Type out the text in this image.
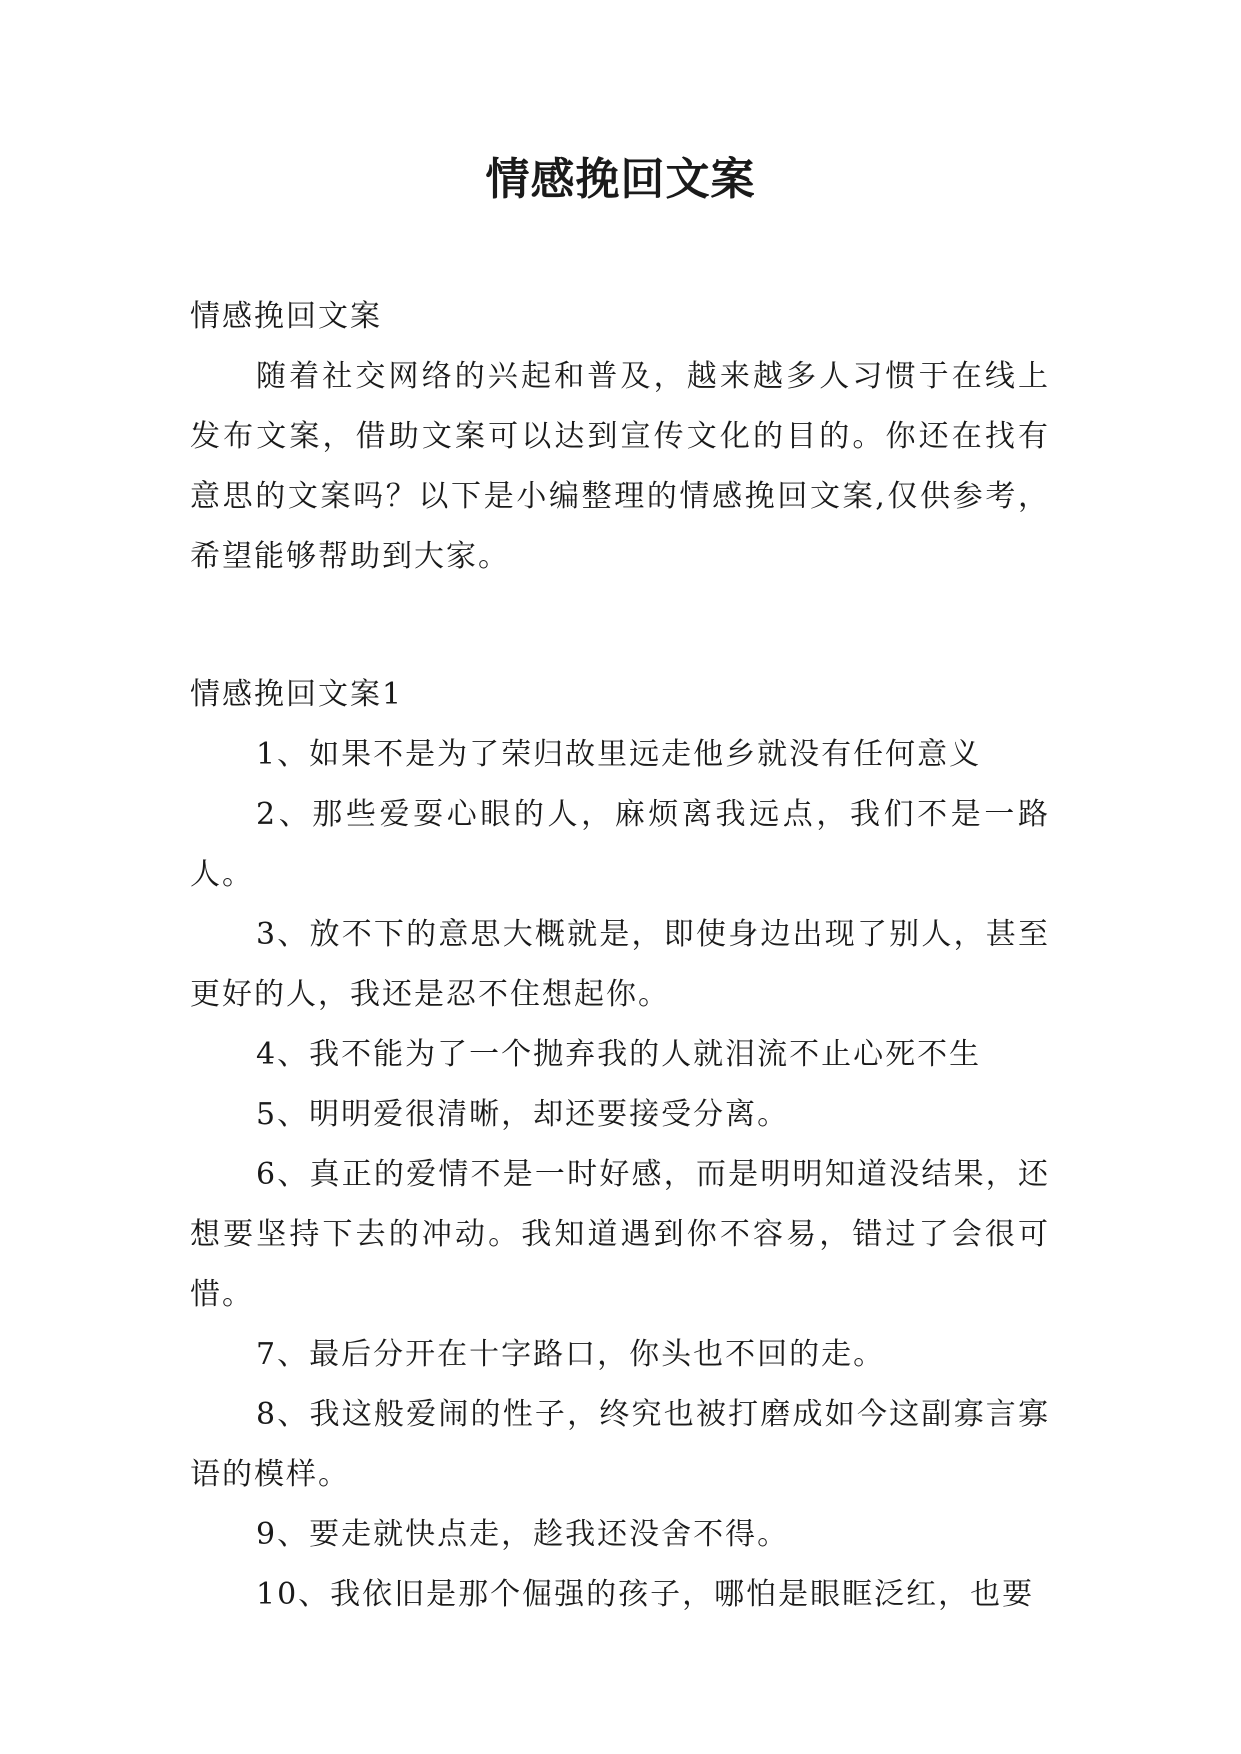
情感挽回文案

情感挽回文案

随着社交网络的兴起和普及，越来越多人习惯于在线上发布文案，借助文案可以达到宣传文化的目的。你还在找有意思的文案吗？以下是小编整理的情感挽回文案,仅供参考，希望能够帮助到大家。

情感挽回文案1

1、如果不是为了荣归故里远走他乡就没有任何意义

2、那些爱耍心眼的人，麻烦离我远点，我们不是一路人。

3、放不下的意思大概就是，即使身边出现了别人，甚至更好的人，我还是忍不住想起你。

4、我不能为了一个抛弃我的人就泪流不止心死不生

5、明明爱很清晰，却还要接受分离。

6、真正的爱情不是一时好感，而是明明知道没结果，还想要坚持下去的冲动。我知道遇到你不容易，错过了会很可惜。

7、最后分开在十字路口，你头也不回的走。

8、我这般爱闹的性子，终究也被打磨成如今这副寡言寡语的模样。

9、要走就快点走，趁我还没舍不得。

10、我依旧是那个倔强的孩子，哪怕是眼眶泛红，也要
